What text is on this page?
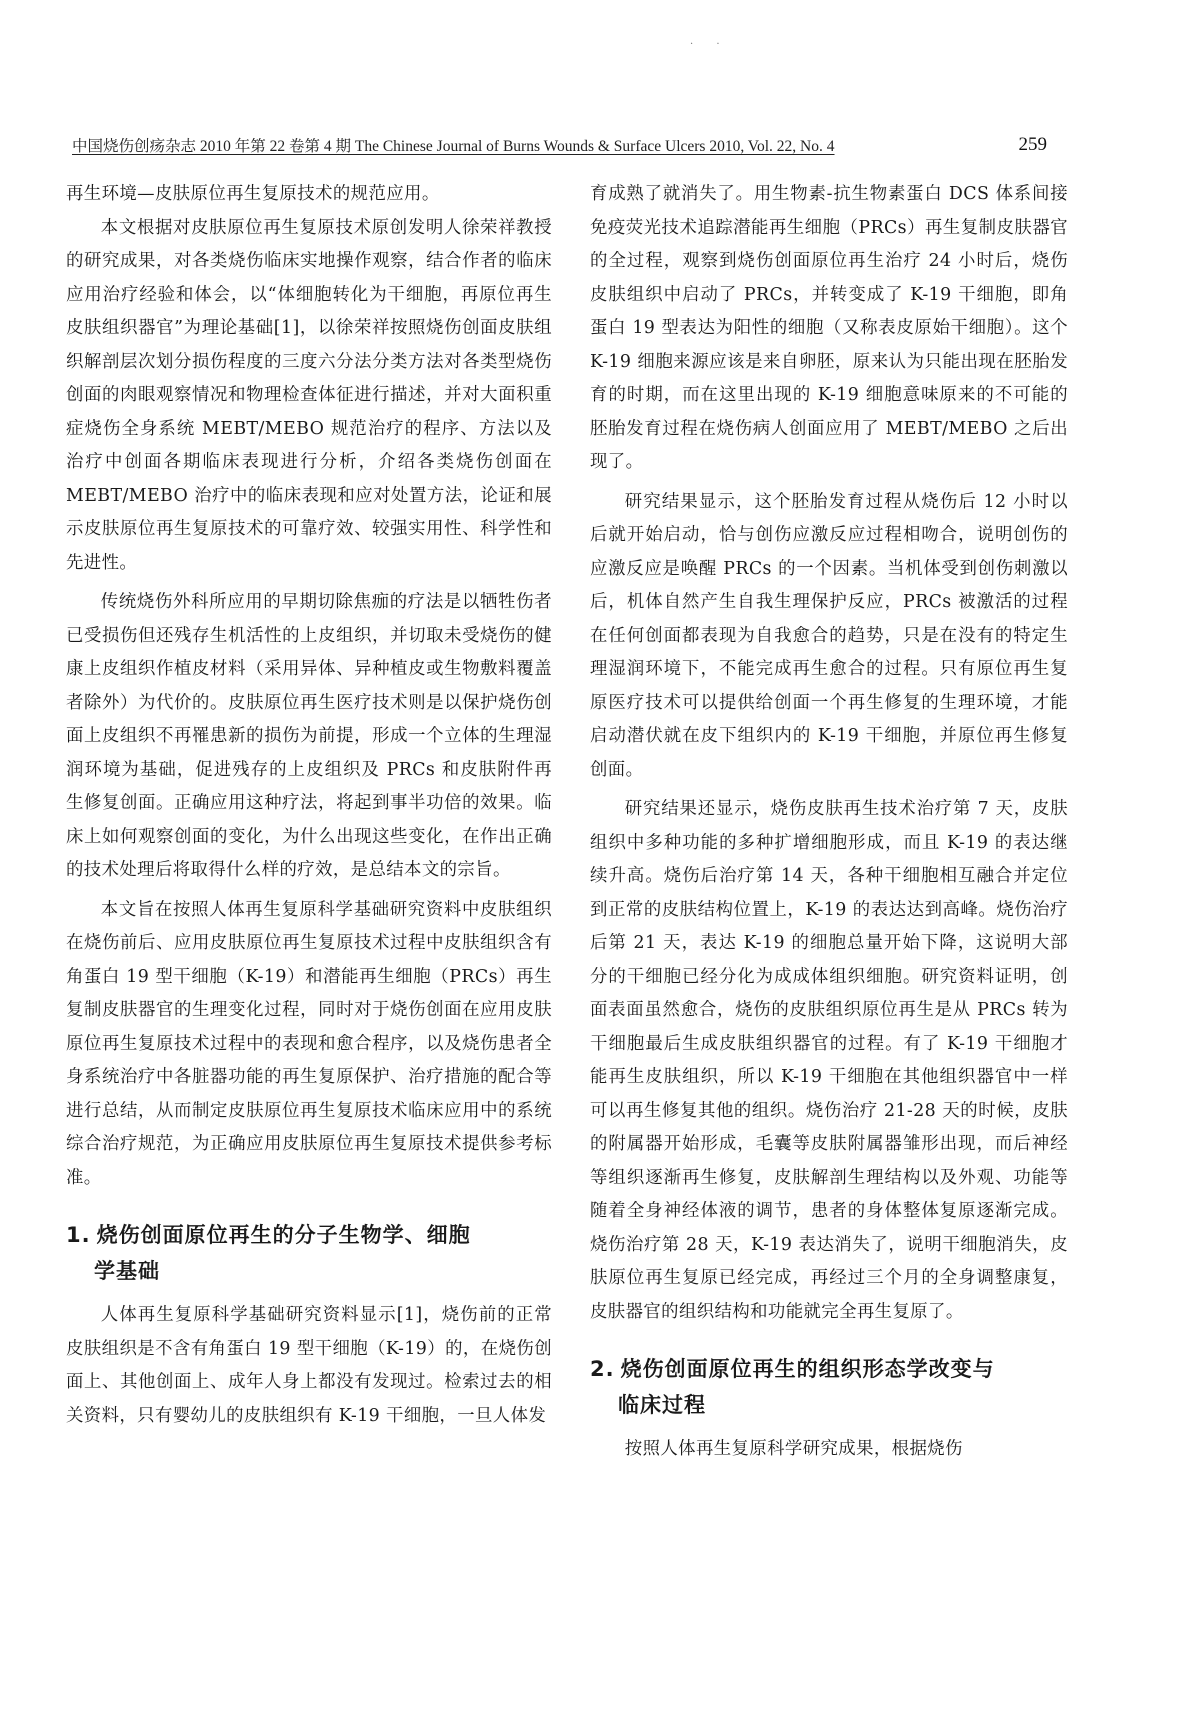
. .
中国烧伤创疡杂志 2010 年第 22 卷第 4 期 The Chinese Journal of Burns Wounds & Surface Ulcers 2010, Vol. 22, No. 4	259

再生环境—皮肤原位再生复原技术的规范应用。

本文根据对皮肤原位再生复原技术原创发明人徐荣祥教授的研究成果，对各类烧伤临床实地操作观察，结合作者的临床应用治疗经验和体会，以“体细胞转化为干细胞，再原位再生皮肤组织器官”为理论基础[1]，以徐荣祥按照烧伤创面皮肤组织解剖层次划分损伤程度的三度六分法分类方法对各类型烧伤创面的肉眼观察情况和物理检查体征进行描述，并对大面积重症烧伤全身系统 MEBT/MEBO 规范治疗的程序、方法以及治疗中创面各期临床表现进行分析，介绍各类烧伤创面在 MEBT/MEBO 治疗中的临床表现和应对处置方法，论证和展示皮肤原位再生复原技术的可靠疗效、较强实用性、科学性和先进性。

传统烧伤外科所应用的早期切除焦痂的疗法是以牺牲伤者已受损伤但还残存生机活性的上皮组织，并切取未受烧伤的健康上皮组织作植皮材料（采用异体、异种植皮或生物敷料覆盖者除外）为代价的。皮肤原位再生医疗技术则是以保护烧伤创面上皮组织不再罹患新的损伤为前提，形成一个立体的生理湿润环境为基础，促进残存的上皮组织及 PRCs 和皮肤附件再生修复创面。正确应用这种疗法，将起到事半功倍的效果。临床上如何观察创面的变化，为什么出现这些变化，在作出正确的技术处理后将取得什么样的疗效，是总结本文的宗旨。

本文旨在按照人体再生复原科学基础研究资料中皮肤组织在烧伤前后、应用皮肤原位再生复原技术过程中皮肤组织含有角蛋白 19 型干细胞（K-19）和潜能再生细胞（PRCs）再生复制皮肤器官的生理变化过程，同时对于烧伤创面在应用皮肤原位再生复原技术过程中的表现和愈合程序，以及烧伤患者全身系统治疗中各脏器功能的再生复原保护、治疗措施的配合等进行总结，从而制定皮肤原位再生复原技术临床应用中的系统综合治疗规范，为正确应用皮肤原位再生复原技术提供参考标准。

1. 烧伤创面原位再生的分子生物学、细胞
学基础

人体再生复原科学基础研究资料显示[1]，烧伤前的正常皮肤组织是不含有角蛋白 19 型干细胞（K-19）的，在烧伤创面上、其他创面上、成年人身上都没有发现过。检索过去的相关资料，只有婴幼儿的皮肤组织有 K-19 干细胞，一旦人体发

育成熟了就消失了。用生物素-抗生物素蛋白 DCS 体系间接免疫荧光技术追踪潜能再生细胞（PRCs）再生复制皮肤器官的全过程，观察到烧伤创面原位再生治疗 24 小时后，烧伤皮肤组织中启动了 PRCs，并转变成了 K-19 干细胞，即角蛋白 19 型表达为阳性的细胞（又称表皮原始干细胞）。这个 K-19 细胞来源应该是来自卵胚，原来认为只能出现在胚胎发育的时期，而在这里出现的 K-19 细胞意味原来的不可能的胚胎发育过程在烧伤病人创面应用了 MEBT/MEBO 之后出现了。

研究结果显示，这个胚胎发育过程从烧伤后 12 小时以后就开始启动，恰与创伤应激反应过程相吻合，说明创伤的应激反应是唤醒 PRCs 的一个因素。当机体受到创伤刺激以后，机体自然产生自我生理保护反应，PRCs 被激活的过程在任何创面都表现为自我愈合的趋势，只是在没有的特定生理湿润环境下，不能完成再生愈合的过程。只有原位再生复原医疗技术可以提供给创面一个再生修复的生理环境，才能启动潜伏就在皮下组织内的 K-19 干细胞，并原位再生修复创面。

研究结果还显示，烧伤皮肤再生技术治疗第 7 天，皮肤组织中多种功能的多种扩增细胞形成，而且 K-19 的表达继续升高。烧伤后治疗第 14 天，各种干细胞相互融合并定位到正常的皮肤结构位置上，K-19 的表达达到高峰。烧伤治疗后第 21 天，表达 K-19 的细胞总量开始下降，这说明大部分的干细胞已经分化为成成体组织细胞。研究资料证明，创面表面虽然愈合，烧伤的皮肤组织原位再生是从 PRCs 转为干细胞最后生成皮肤组织器官的过程。有了 K-19 干细胞才能再生皮肤组织，所以 K-19 干细胞在其他组织器官中一样可以再生修复其他的组织。烧伤治疗 21-28 天的时候，皮肤的附属器开始形成，毛囊等皮肤附属器雏形出现，而后神经等组织逐渐再生修复，皮肤解剖生理结构以及外观、功能等随着全身神经体液的调节，患者的身体整体复原逐渐完成。烧伤治疗第 28 天，K-19 表达消失了，说明干细胞消失，皮肤原位再生复原已经完成，再经过三个月的全身调整康复，皮肤器官的组织结构和功能就完全再生复原了。

2. 烧伤创面原位再生的组织形态学改变与
临床过程

按照人体再生复原科学研究成果，根据烧伤
